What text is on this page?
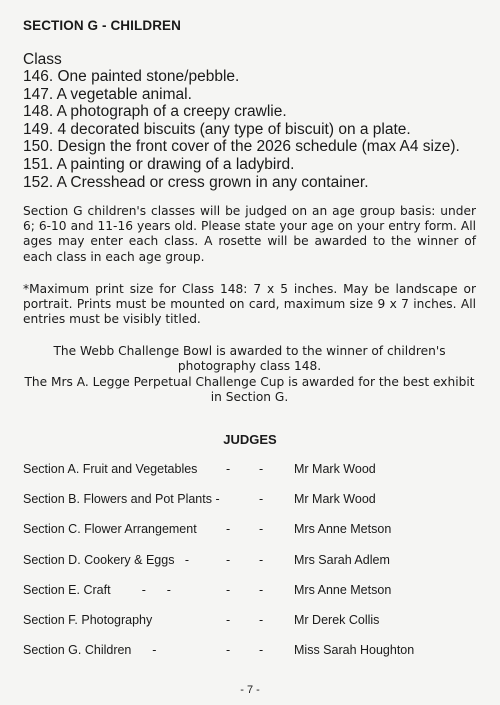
SECTION G - CHILDREN

Class

146. One painted stone/pebble.
147. A vegetable animal.
148. A photograph of a creepy crawlie.
149. 4 decorated biscuits (any type of biscuit) on a plate.
150. Design the front cover of the 2026 schedule (max A4 size).
151. A painting or drawing of a ladybird.
152. A Cresshead or cress grown in any container.

Section G children's classes will be judged on an age group basis: under 6; 6-10 and 11-16 years old. Please state your age on your entry form. All ages may enter each class. A rosette will be awarded to the winner of each class in each age group.

*Maximum print size for Class 148: 7 x 5 inches. May be landscape or portrait. Prints must be mounted on card, maximum size 9 x 7 inches. All entries must be visibly titled.

The Webb Challenge Bowl is awarded to the winner of children's photography class 148.

The Mrs A. Legge Perpetual Challenge Cup is awarded for the best exhibit in Section G.

JUDGES
Section A. Fruit and Vegetables - - Mr Mark Wood
Section B. Flowers and Pot Plants -	- Mr Mark Wood
Section C. Flower Arrangement - - Mrs Anne Metson
Section D. Cookery & Eggs   -	- - Mrs Sarah Adlem
Section E. Craft         -      -	- - Mrs Anne Metson
Section F. Photography	- - Mr Derek Collis
Section G. Children      -	- - Miss Sarah Houghton
- 7 -
